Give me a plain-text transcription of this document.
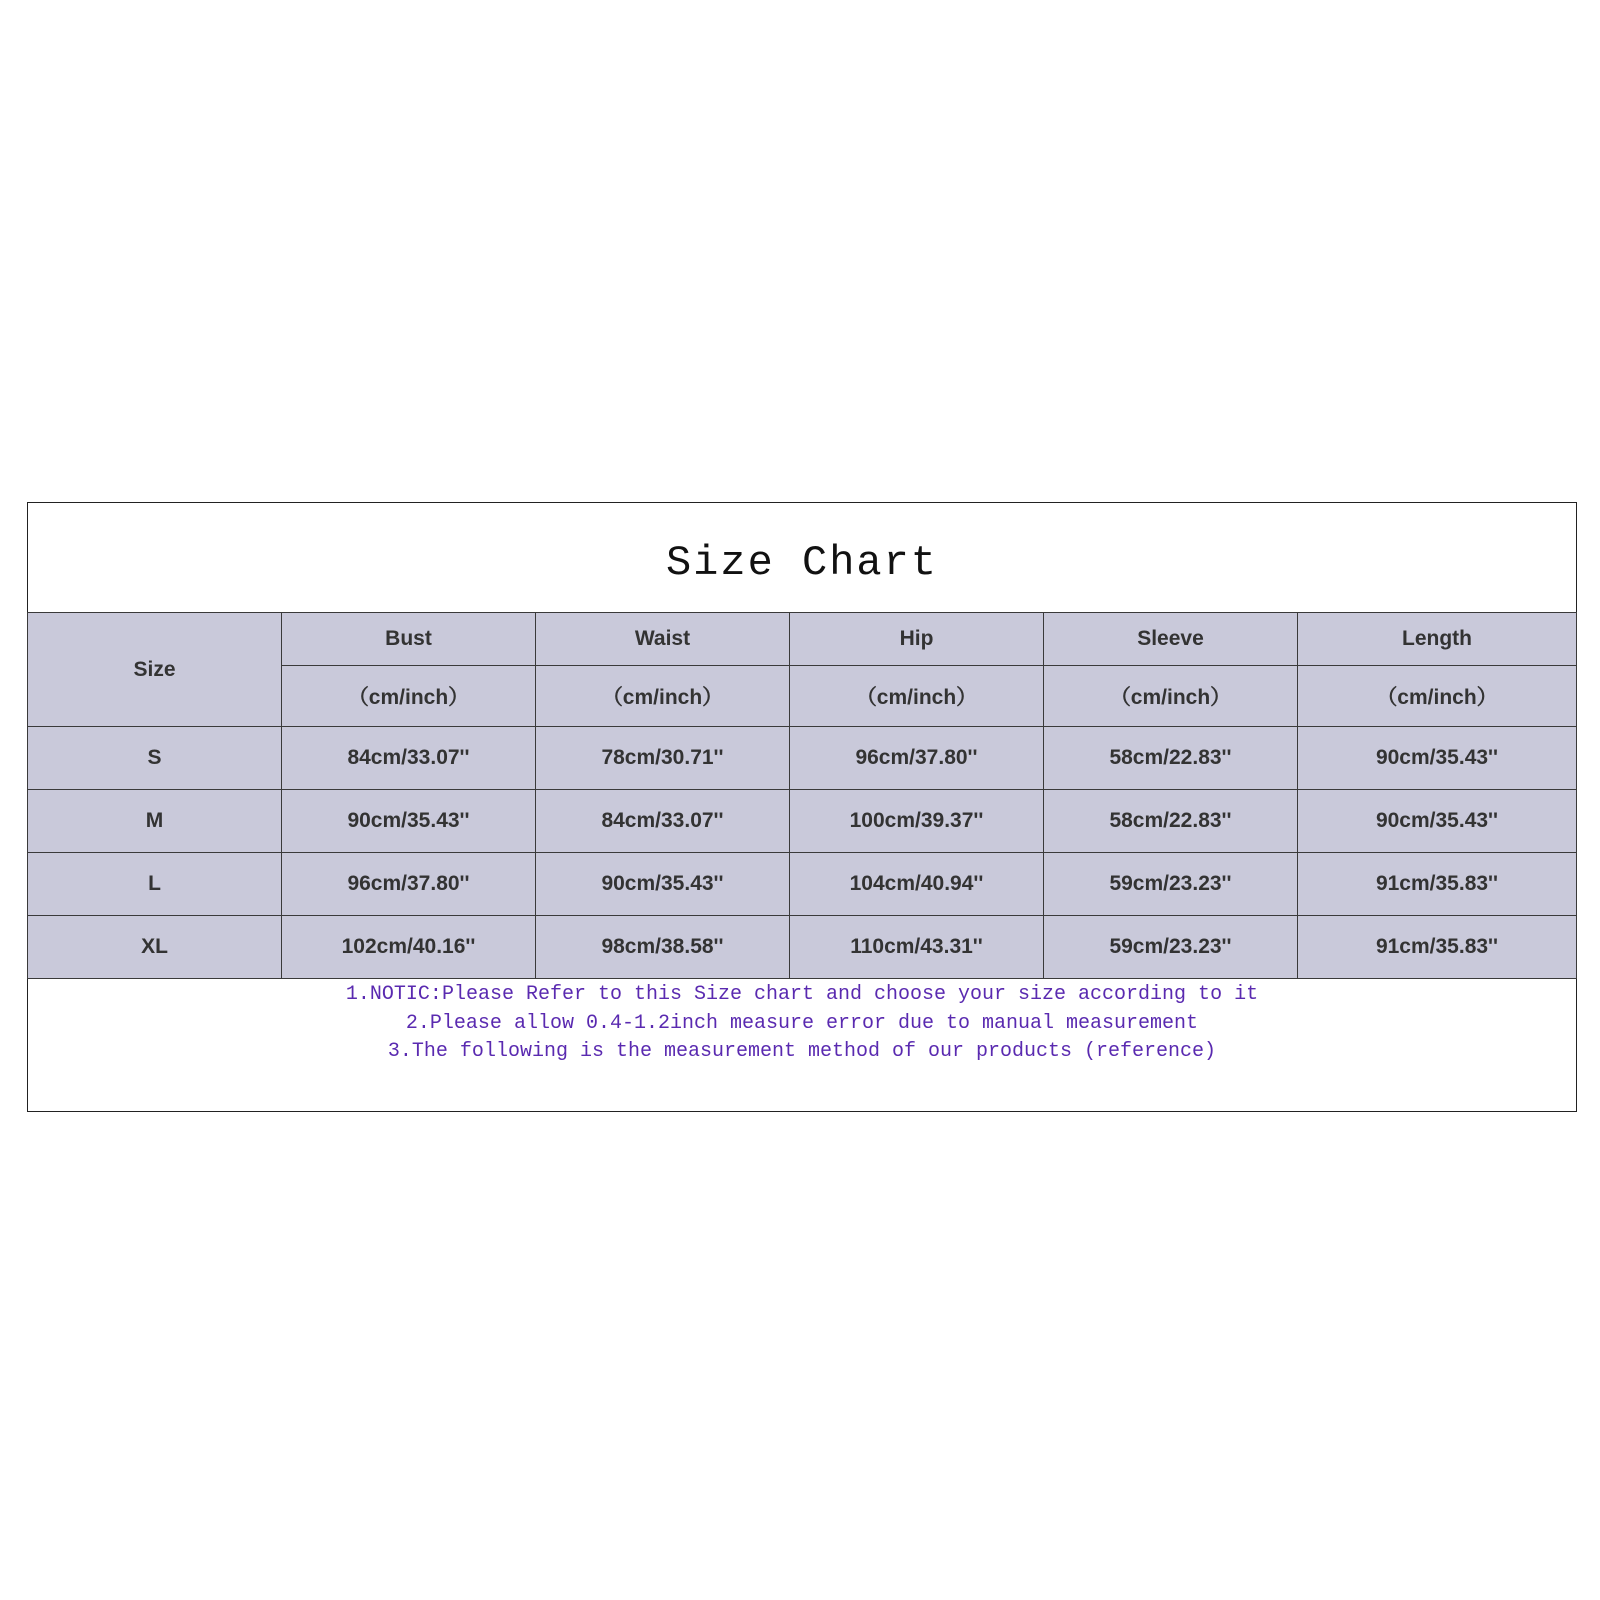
Size Chart
Size	Bust	Waist	Hip	Sleeve	Length
	（cm/inch）	（cm/inch）	（cm/inch）	（cm/inch）	（cm/inch）
S	84cm/33.07''	78cm/30.71''	96cm/37.80''	58cm/22.83''	90cm/35.43''
M	90cm/35.43''	84cm/33.07''	100cm/39.37''	58cm/22.83''	90cm/35.43''
L	96cm/37.80''	90cm/35.43''	104cm/40.94''	59cm/23.23''	91cm/35.83''
XL	102cm/40.16''	98cm/38.58''	110cm/43.31''	59cm/23.23''	91cm/35.83''
1.NOTIC:Please Refer to this Size chart and choose your size according to it
2.Please allow 0.4-1.2inch measure error due to manual measurement
3.The following is the measurement method of our products (reference)
